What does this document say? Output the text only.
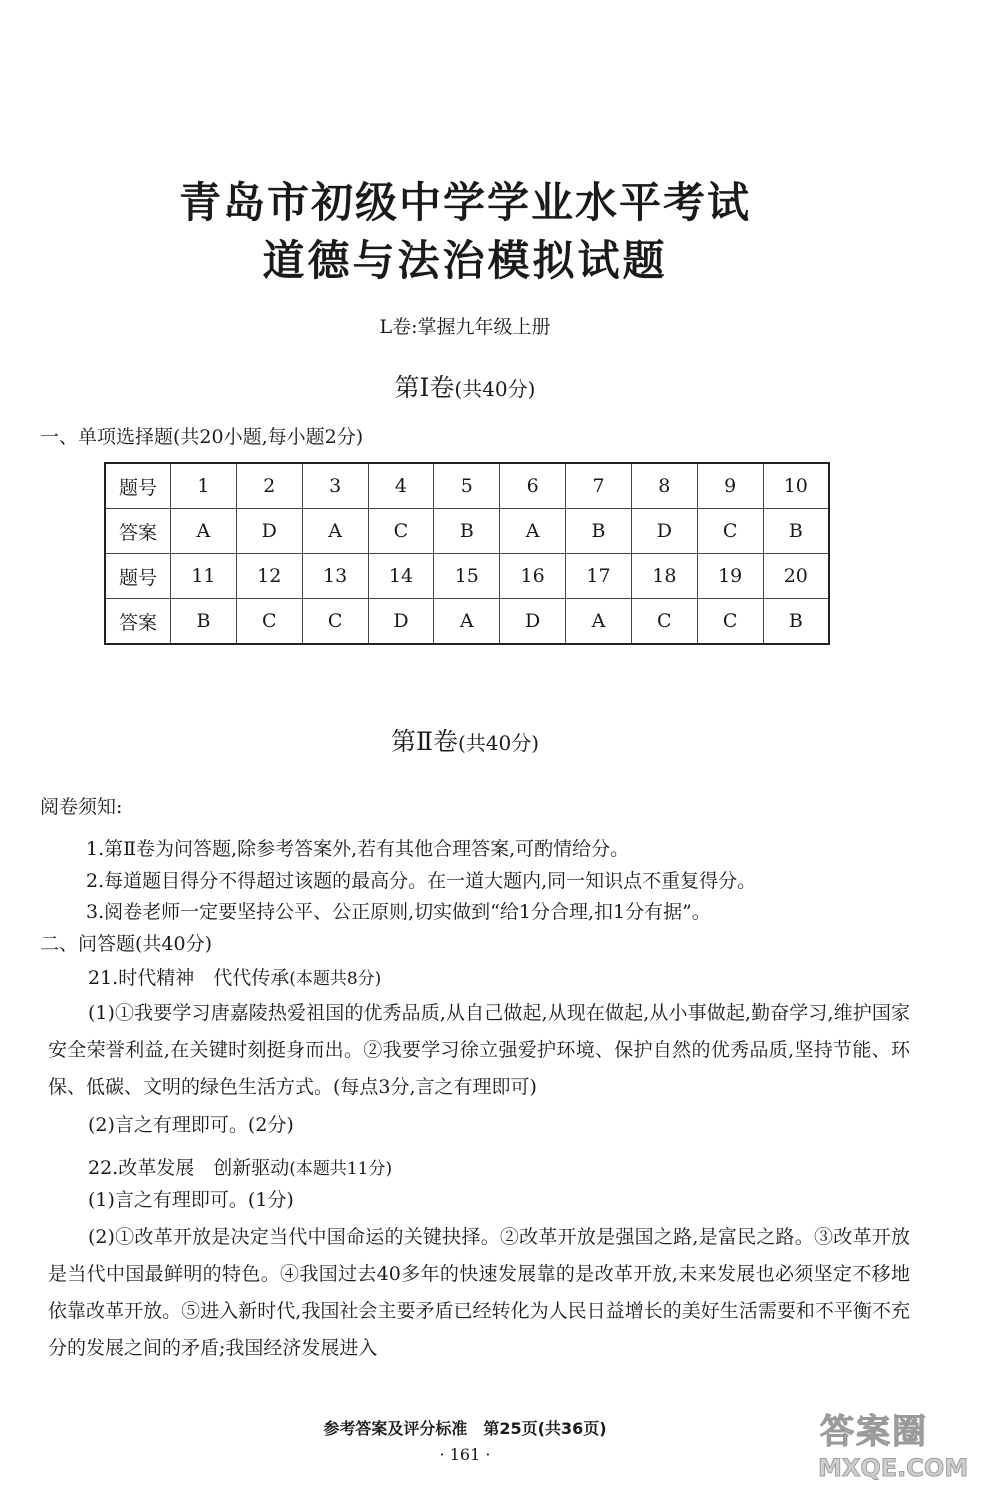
青岛市初级中学学业水平考试
道德与法治模拟试题
L卷:掌握九年级上册
第Ⅰ卷(共40分)
一、单项选择题(共20小题,每小题2分)
题号	1	2	3	4	5	6	7	8	9	10
答案	A	D	A	C	B	A	B	D	C	B
题号	11	12	13	14	15	16	17	18	19	20
答案	B	C	C	D	A	D	A	C	C	B
第Ⅱ卷(共40分)
阅卷须知:
1.第Ⅱ卷为问答题,除参考答案外,若有其他合理答案,可酌情给分。
2.每道题目得分不得超过该题的最高分。在一道大题内,同一知识点不重复得分。
3.阅卷老师一定要坚持公平、公正原则,切实做到“给1分合理,扣1分有据”。
二、问答题(共40分)
21.时代精神　代代传承(本题共8分)
(1)①我要学习唐嘉陵热爱祖国的优秀品质,从自己做起,从现在做起,从小事做起,勤奋学习,维护国家安全荣誉利益,在关键时刻挺身而出。②我要学习徐立强爱护环境、保护自然的优秀品质,坚持节能、环保、低碳、文明的绿色生活方式。(每点3分,言之有理即可)
(2)言之有理即可。(2分)
22.改革发展　创新驱动(本题共11分)
(1)言之有理即可。(1分)
(2)①改革开放是决定当代中国命运的关键抉择。②改革开放是强国之路,是富民之路。③改革开放是当代中国最鲜明的特色。④我国过去40多年的快速发展靠的是改革开放,未来发展也必须坚定不移地依靠改革开放。⑤进入新时代,我国社会主要矛盾已经转化为人民日益增长的美好生活需要和不平衡不充分的发展之间的矛盾;我国经济发展进入
参考答案及评分标准　第25页(共36页)
· 161 ·
答案圈
MXQE.COM
